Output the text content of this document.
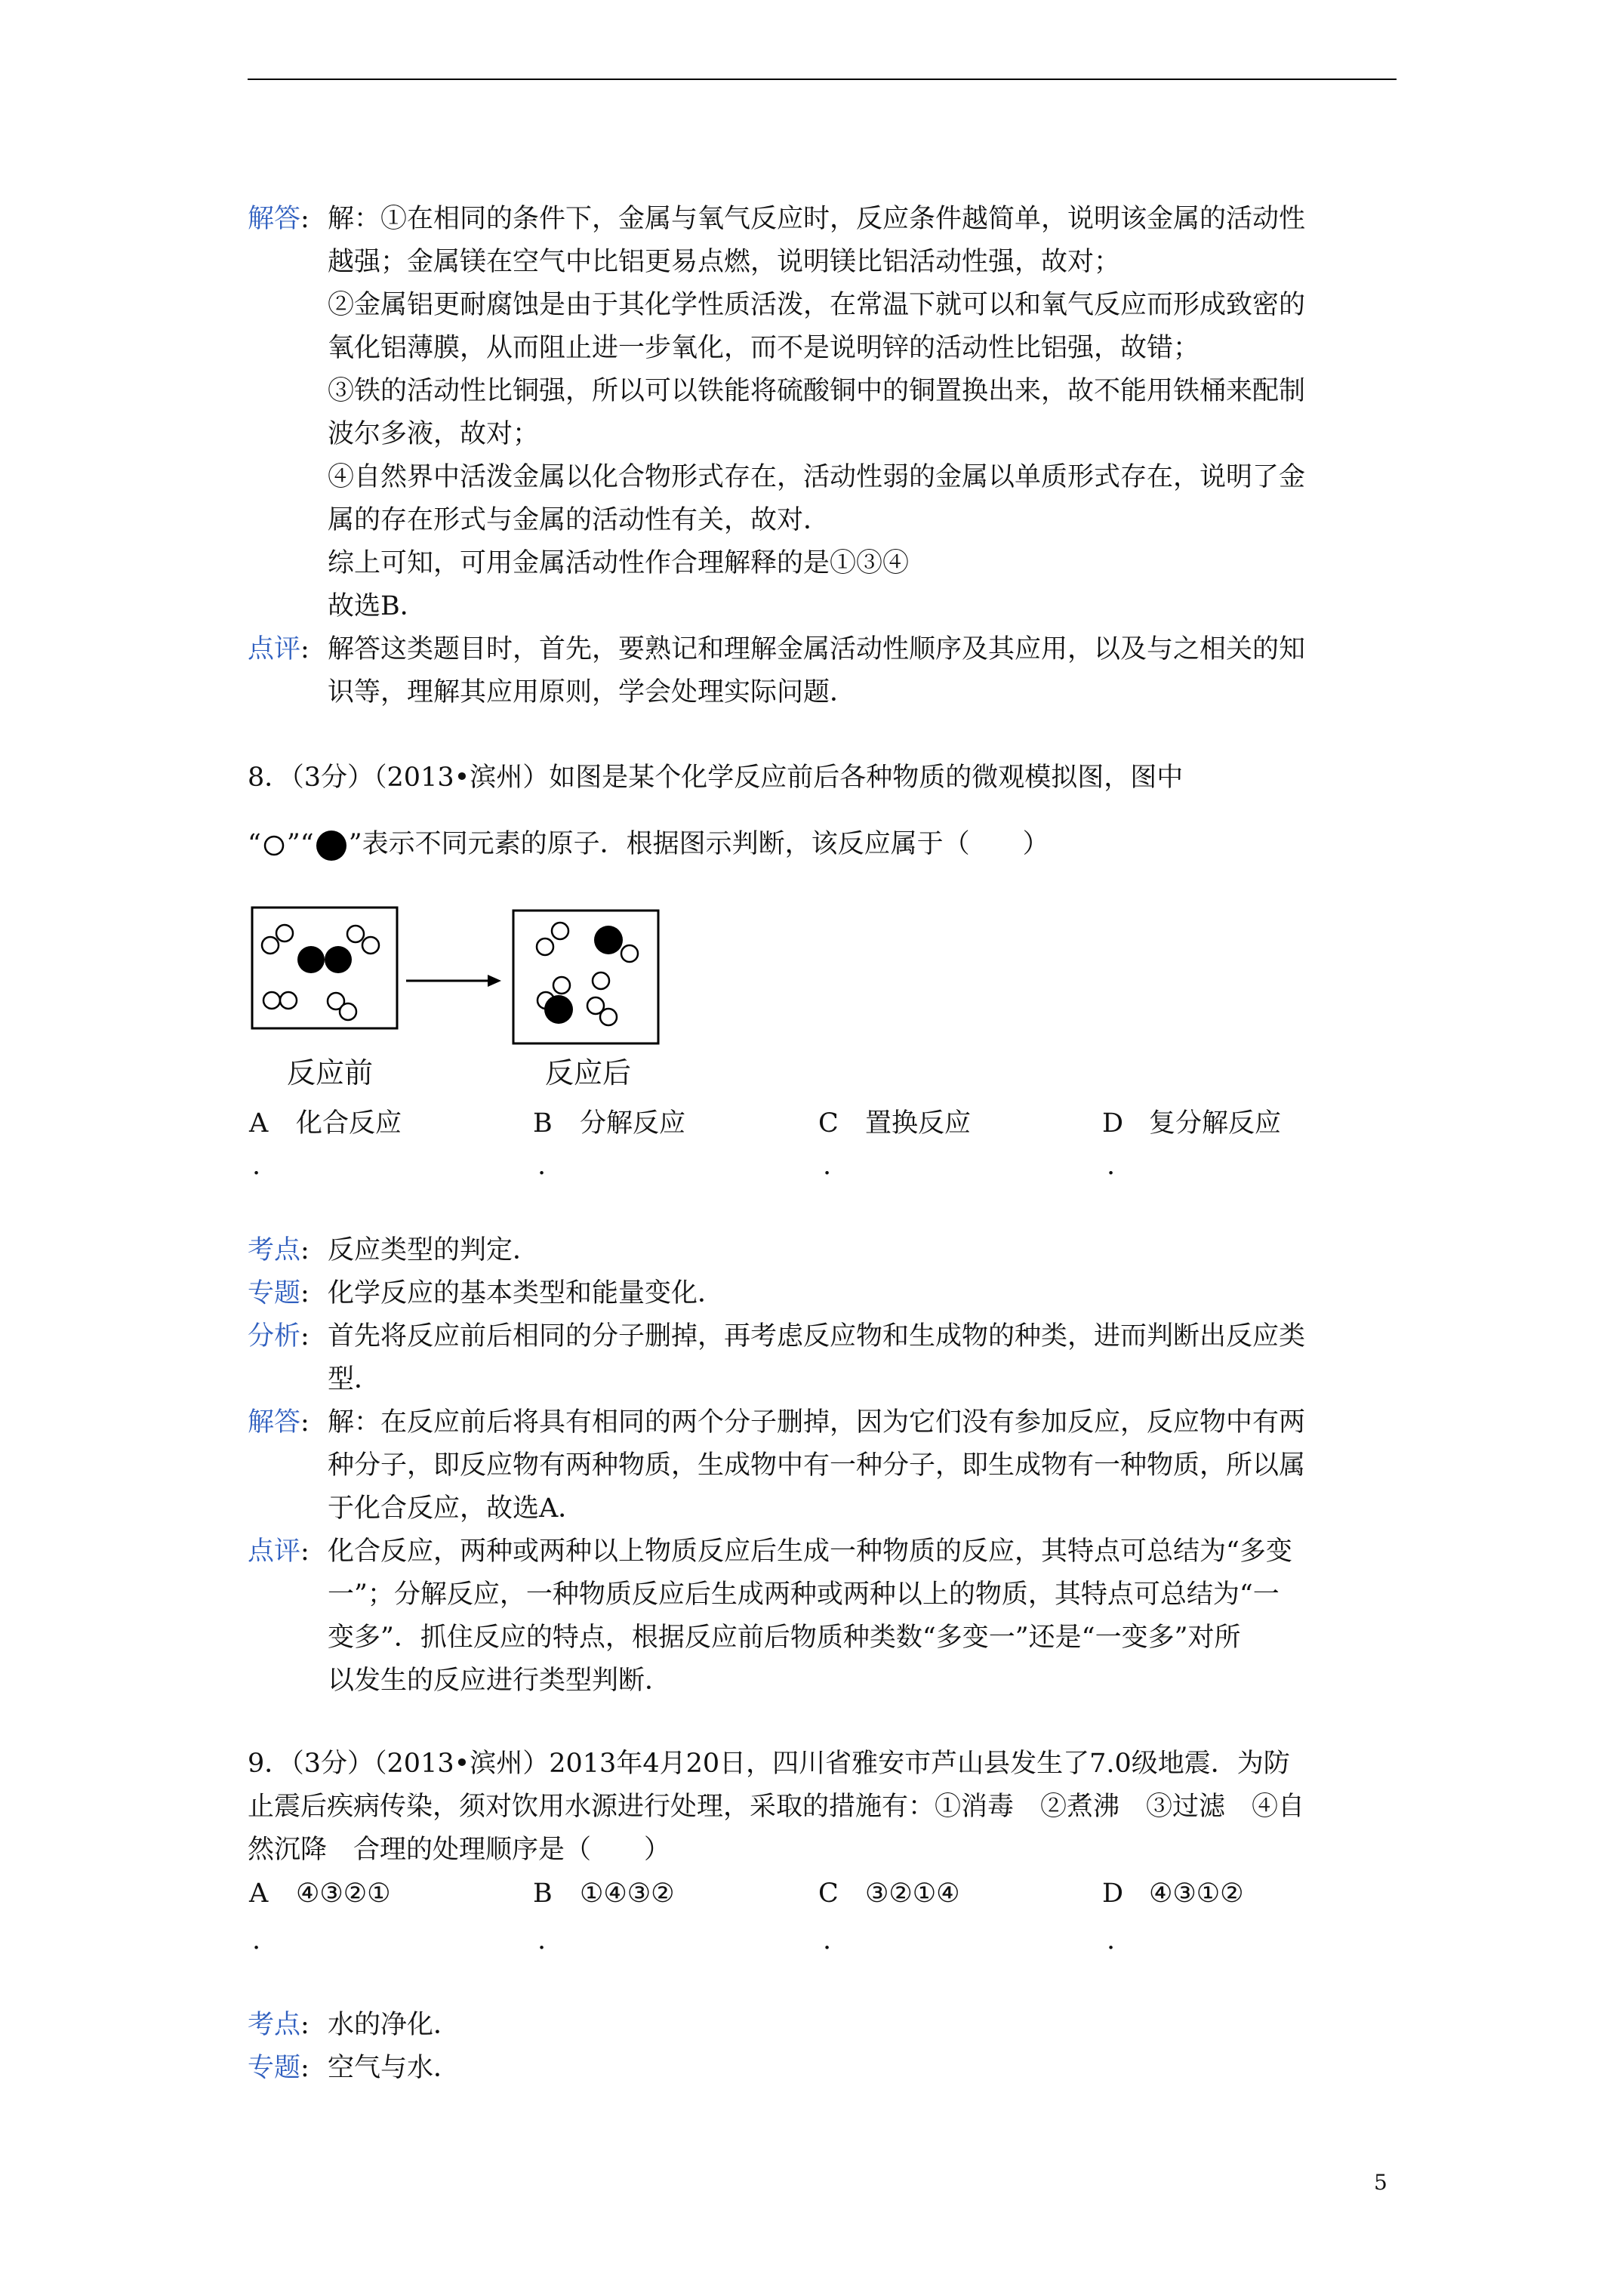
解答: 解：①在相同的条件下，金属与氧气反应时，反应条件越简单，说明该金属的活动性
越强；金属镁在空气中比铝更易点燃，说明镁比铝活动性强，故对；
②金属铝更耐腐蚀是由于其化学性质活泼，在常温下就可以和氧气反应而形成致密的
氧化铝薄膜，从而阻止进一步氧化，而不是说明锌的活动性比铝强，故错；
③铁的活动性比铜强，所以可以铁能将硫酸铜中的铜置换出来，故不能用铁桶来配制
波尔多液，故对；
④自然界中活泼金属以化合物形式存在，活动性弱的金属以单质形式存在，说明了金
属的存在形式与金属的活动性有关，故对．
综上可知，可用金属活动性作合理解释的是①③④
故选B．
点评: 解答这类题目时，首先，要熟记和理解金属活动性顺序及其应用，以及与之相关的知
识等，理解其应用原则，学会处理实际问题．
8．（3分）（2013•滨州）如图是某个化学反应前后各种物质的微观模拟图，图中
“ ”“ ”表示不同元素的原子．根据图示判断，该反应属于（　　）
反应前	反应后
A 化合反应	B 分解反应	C 置换反应	D 复分解反应
.	.	.	.
考点: 反应类型的判定．
专题: 化学反应的基本类型和能量变化．
分析: 首先将反应前后相同的分子删掉，再考虑反应物和生成物的种类，进而判断出反应类
型．
解答: 解：在反应前后将具有相同的两个分子删掉，因为它们没有参加反应，反应物中有两
种分子，即反应物有两种物质，生成物中有一种分子，即生成物有一种物质，所以属
于化合反应，故选A．
点评: 化合反应，两种或两种以上物质反应后生成一种物质的反应，其特点可总结为“多变
一”；分解反应，一种物质反应后生成两种或两种以上的物质，其特点可总结为“一
变多”．抓住反应的特点，根据反应前后物质种类数“多变一”还是“一变多”对所
以发生的反应进行类型判断．
9．（3分）（2013•滨州）2013年4月20日，四川省雅安市芦山县发生了7.0级地震．为防
止震后疾病传染，须对饮用水源进行处理，采取的措施有：①消毒　②煮沸　③过滤　④自
然沉降　合理的处理顺序是（　　）
A ④③②①	B ①④③②	C ③②①④	D ④③①②
.	.	.	.
考点: 水的净化．
专题: 空气与水．
5
